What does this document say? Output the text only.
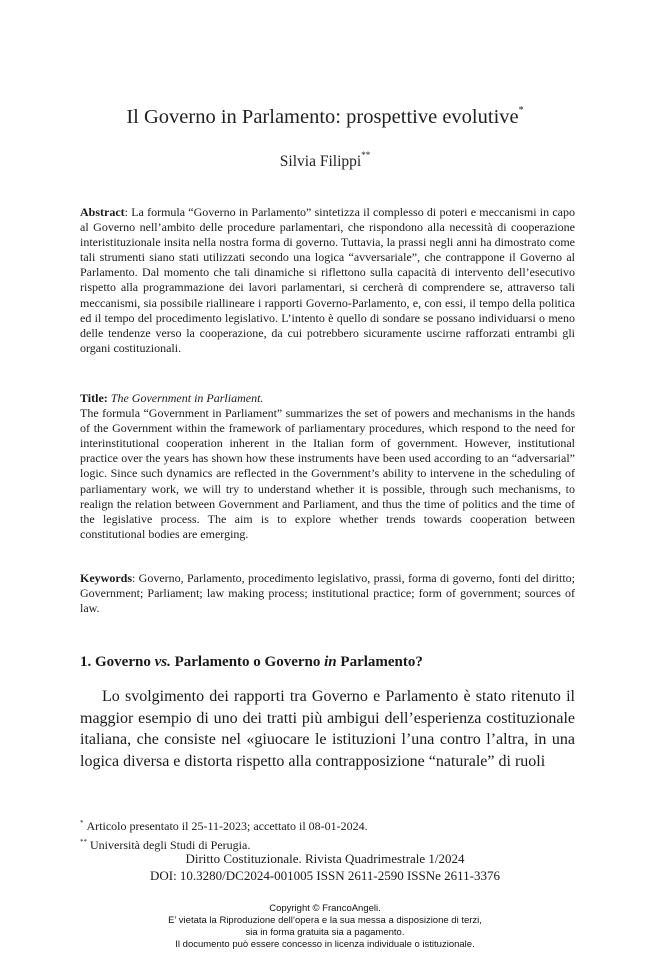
Il Governo in Parlamento: prospettive evolutive*
Silvia Filippi**

Abstract: La formula “Governo in Parlamento” sintetizza il complesso di poteri e meccanismi in capo al Governo nell’ambito delle procedure parlamentari, che rispondono alla necessità di cooperazione interistituzionale insita nella nostra forma di governo. Tuttavia, la prassi negli anni ha dimostrato come tali strumenti siano stati utilizzati secondo una logica “avversariale”, che contrappone il Governo al Parlamento. Dal momento che tali dinamiche si riflettono sulla capacità di intervento dell’esecutivo rispetto alla programmazione dei lavori parlamentari, si cercherà di comprendere se, attraverso tali meccanismi, sia possibile riallineare i rapporti Governo-Parlamento, e, con essi, il tempo della politica ed il tempo del procedimento legislativo. L’intento è quello di sondare se possano individuarsi o meno delle tendenze verso la cooperazione, da cui potrebbero sicuramente uscirne rafforzati entrambi gli organi costituzionali.

Title: The Government in Parliament.

The formula “Government in Parliament” summarizes the set of powers and mechanisms in the hands of the Government within the framework of parliamentary procedures, which respond to the need for interinstitutional cooperation inherent in the Italian form of government. However, institutional practice over the years has shown how these instruments have been used according to an “adversarial” logic. Since such dynamics are reflected in the Government’s ability to intervene in the scheduling of parliamentary work, we will try to understand whether it is possible, through such mechanisms, to realign the relation between Government and Parliament, and thus the time of politics and the time of the legislative process. The aim is to explore whether trends towards cooperation between constitutional bodies are emerging.

Keywords: Governo, Parlamento, procedimento legislativo, prassi, forma di governo, fonti del diritto; Government; Parliament; law making process; institutional practice; form of government; sources of law.

1. Governo vs. Parlamento o Governo in Parlamento?
Lo svolgimento dei rapporti tra Governo e Parlamento è stato ritenuto il maggior esempio di uno dei tratti più ambigui dell’esperienza costituzionale italiana, che consiste nel «giuocare le istituzioni l’una contro l’altra, in una logica diversa e distorta rispetto alla contrapposizione “naturale” di ruoli
* Articolo presentato il 25-11-2023; accettato il 08-01-2024.
** Università degli Studi di Perugia.
Diritto Costituzionale. Rivista Quadrimestrale 1/2024
DOI: 10.3280/DC2024-001005 ISSN 2611-2590 ISSNe 2611-3376
Copyright © FrancoAngeli.
E’ vietata la Riproduzione dell’opera e la sua messa a disposizione di terzi,
sia in forma gratuita sia a pagamento.
Il documento può essere concesso in licenza individuale o istituzionale.
